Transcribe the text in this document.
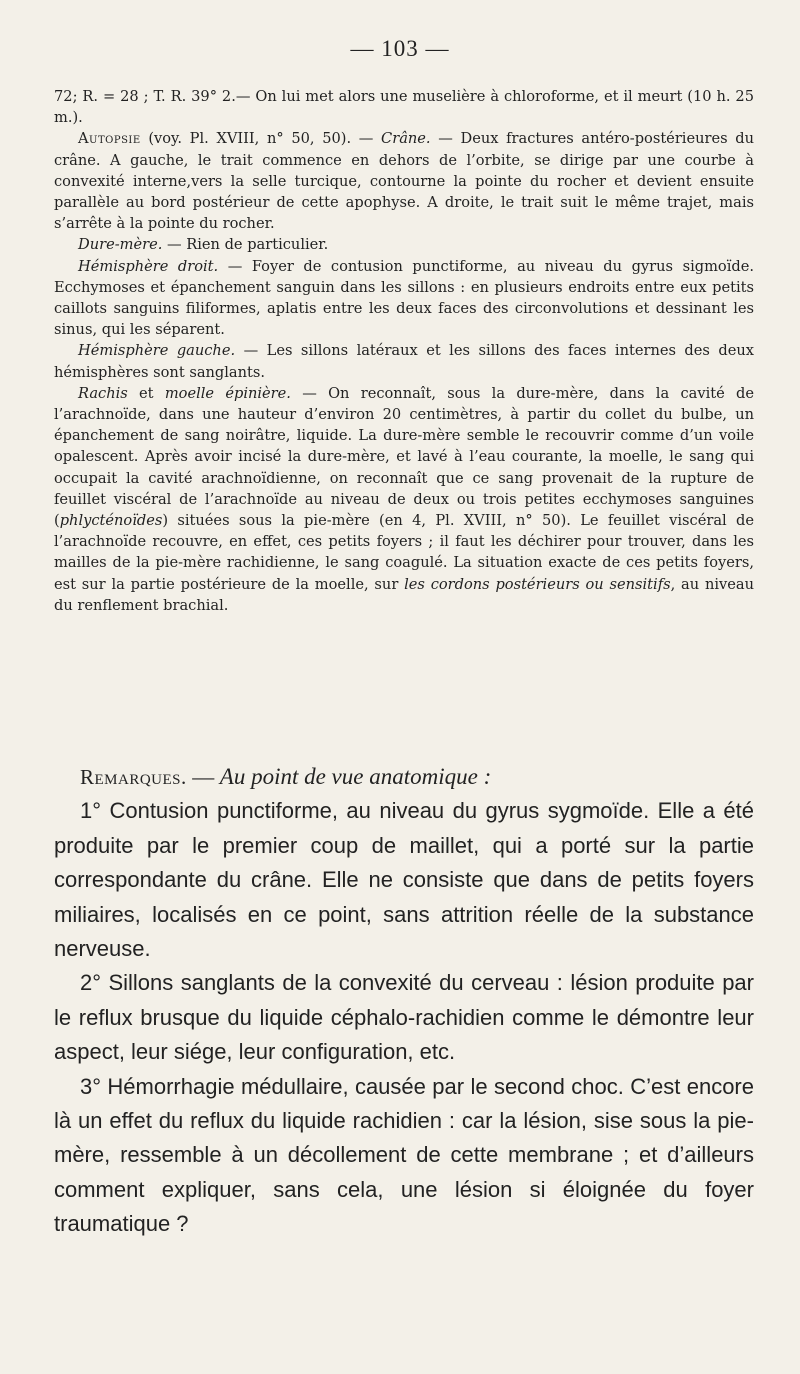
— 103 —

72; R. = 28 ; T. R. 39° 2.— On lui met alors une muselière à chloroforme, et il meurt (10 h. 25 m.).

Autopsie (voy. Pl. XVIII, n° 50, 50). — Crâne. — Deux fractures antéro-postérieures du crâne. A gauche, le trait commence en dehors de l’orbite, se dirige par une courbe à convexité interne,vers la selle turcique, contourne la pointe du rocher et devient ensuite parallèle au bord postérieur de cette apophyse. A droite, le trait suit le même trajet, mais s’arrête à la pointe du rocher.

Dure-mère. — Rien de particulier.

Hémisphère droit. — Foyer de contusion punctiforme, au niveau du gyrus sigmoïde. Ecchymoses et épanchement sanguin dans les sillons : en plusieurs endroits entre eux petits caillots sanguins filiformes, aplatis entre les deux faces des circonvolutions et dessinant les sinus, qui les séparent.

Hémisphère gauche. — Les sillons latéraux et les sillons des faces internes des deux hémisphères sont sanglants.

Rachis et moelle épinière. — On reconnaît, sous la dure-mère, dans la cavité de l’arachnoïde, dans une hauteur d’environ 20 centimètres, à partir du collet du bulbe, un épanchement de sang noirâtre, liquide. La dure-mère semble le recouvrir comme d’un voile opalescent. Après avoir incisé la dure-mère, et lavé à l’eau courante, la moelle, le sang qui occupait la cavité arachnoïdienne, on reconnaît que ce sang provenait de la rupture de feuillet viscéral de l’arachnoïde au niveau de deux ou trois petites ecchymoses sanguines (phlycténoïdes) situées sous la pie-mère (en 4, Pl. XVIII, n° 50). Le feuillet viscéral de l’arachnoïde recouvre, en effet, ces petits foyers ; il faut les déchirer pour trouver, dans les mailles de la pie-mère rachidienne, le sang coagulé. La situation exacte de ces petits foyers, est sur la partie postérieure de la moelle, sur les cordons postérieurs ou sensitifs, au niveau du renflement brachial.

Remarques. — Au point de vue anatomique :

1° Contusion punctiforme, au niveau du gyrus sygmoïde. Elle a été produite par le premier coup de maillet, qui a porté sur la partie correspondante du crâne. Elle ne consiste que dans de petits foyers miliaires, localisés en ce point, sans attrition réelle de la substance nerveuse.

2° Sillons sanglants de la convexité du cerveau : lésion produite par le reflux brusque du liquide céphalo-rachidien comme le démontre leur aspect, leur siége, leur configuration, etc.

3° Hémorrhagie médullaire, causée par le second choc. C’est encore là un effet du reflux du liquide rachidien : car la lésion, sise sous la pie-mère, ressemble à un décollement de cette membrane ; et d’ailleurs comment expliquer, sans cela, une lésion si éloignée du foyer traumatique ?
